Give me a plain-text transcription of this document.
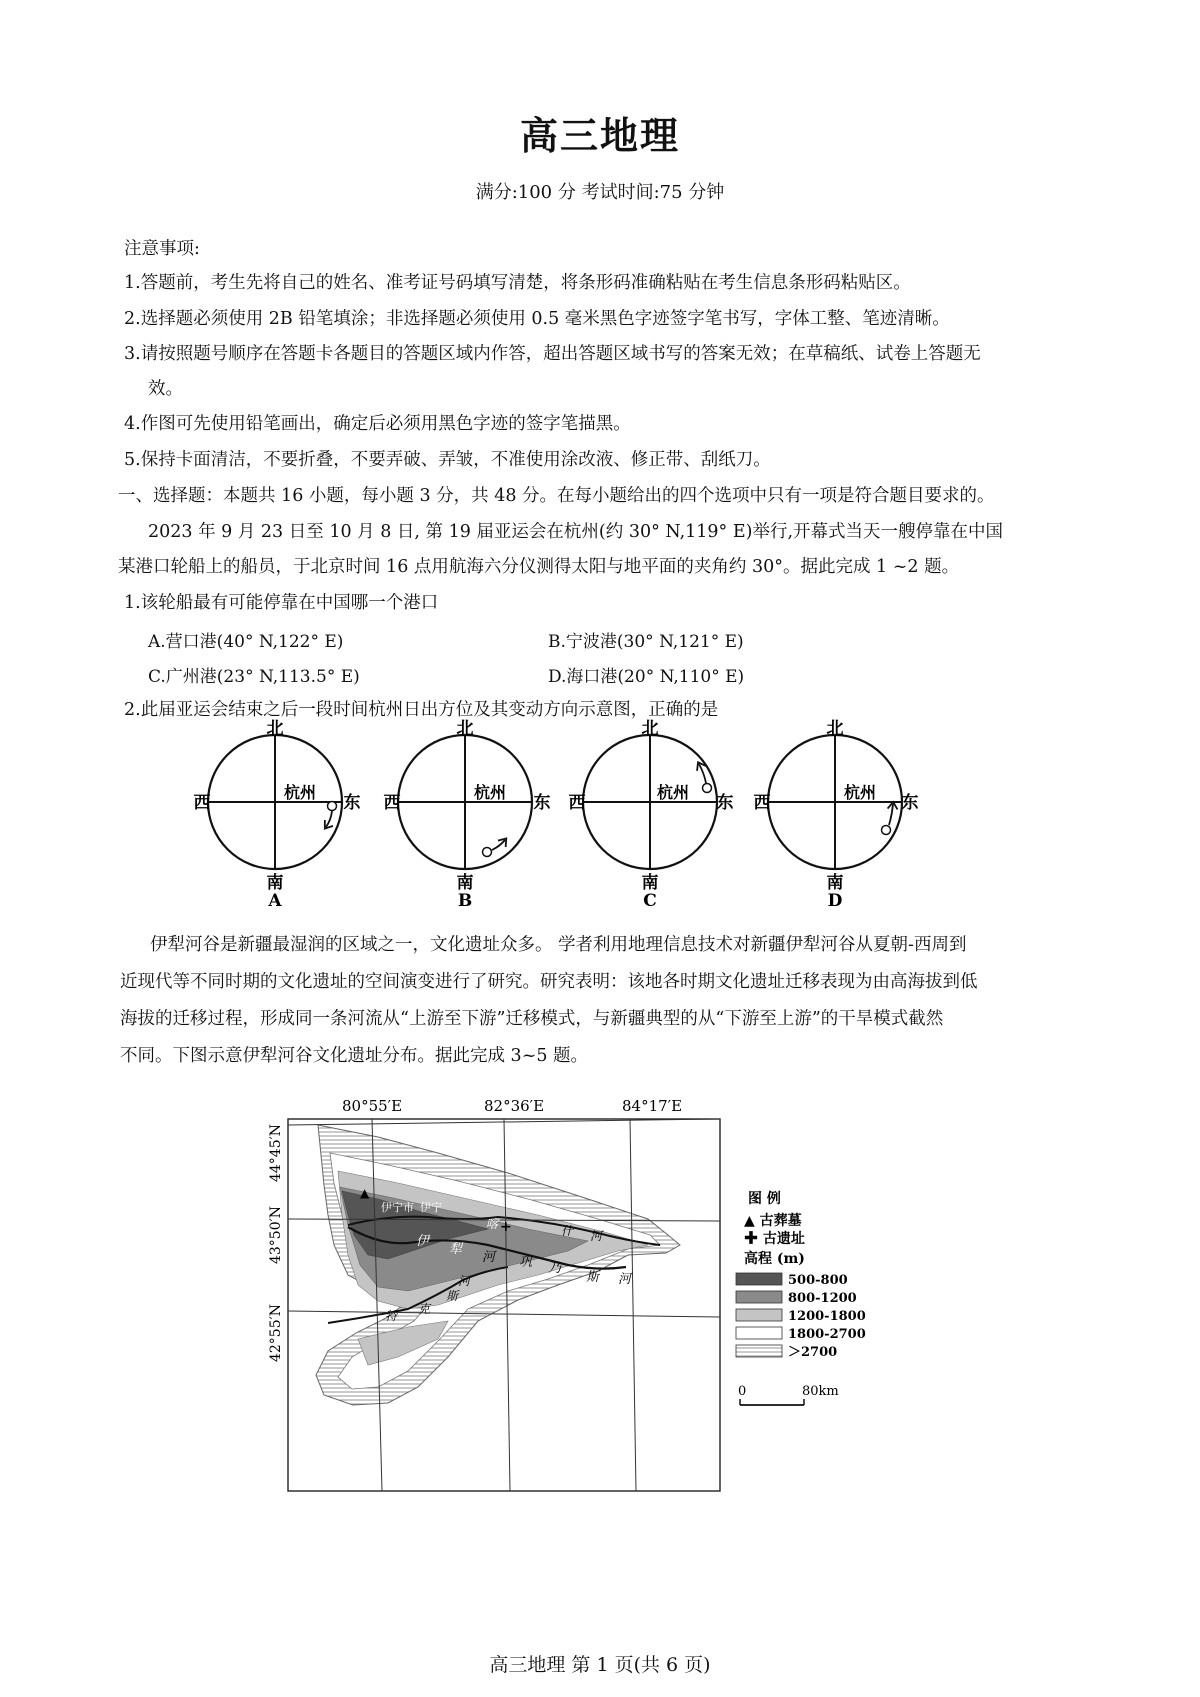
高三地理
满分:100 分 考试时间:75 分钟
注意事项:
1.答题前，考生先将自己的姓名、准考证号码填写清楚，将条形码准确粘贴在考生信息条形码粘贴区。
2.选择题必须使用 2B 铅笔填涂；非选择题必须使用 0.5 毫米黑色字迹签字笔书写，字体工整、笔迹清晰。
3.请按照题号顺序在答题卡各题目的答题区域内作答，超出答题区域书写的答案无效；在草稿纸、试卷上答题无
效。
4.作图可先使用铅笔画出，确定后必须用黑色字迹的签字笔描黑。
5.保持卡面清洁，不要折叠，不要弄破、弄皱，不准使用涂改液、修正带、刮纸刀。
一、选择题：本题共 16 小题，每小题 3 分，共 48 分。在每小题给出的四个选项中只有一项是符合题目要求的。
2023 年 9 月 23 日至 10 月 8 日, 第 19 届亚运会在杭州(约 30° N,119° E)举行,开幕式当天一艘停靠在中国
某港口轮船上的船员，于北京时间 16 点用航海六分仪测得太阳与地平面的夹角约 30°。据此完成 1 ~2 题。
1.该轮船最有可能停靠在中国哪一个港口
A.营口港(40° N,122° E)	B.宁波港(30° N,121° E)
C.广州港(23° N,113.5° E)	D.海口港(20° N,110° E)
2.此届亚运会结束之后一段时间杭州日出方位及其变动方向示意图，正确的是
北
南
西	东
杭州
A
北
南
西	东
杭州
B
北
南
西	东
杭州
C
北
南
西	东
杭州
D
伊犁河谷是新疆最湿润的区域之一，文化遗址众多。 学者利用地理信息技术对新疆伊犁河谷从夏朝-西周到
近现代等不同时期的文化遗址的空间演变进行了研究。研究表明：该地各时期文化遗址迁移表现为由高海拔到低
海拔的迁移过程，形成同一条河流从“上游至下游”迁移模式，与新疆典型的从“下游至上游”的干旱模式截然
不同。下图示意伊犁河谷文化遗址分布。据此完成 3~5 题。
80°55′E	82°36′E	84°17′E
44°45′N
43°50′N
42°55′N
▲
+
伊宁市 伊宁
喀	什 河
伊
犁
河 巩 乃
斯 河
斯
河
特 克
图 例
▲ 古葬墓
✚ 古遗址
高程 (m)
500-800
800-1200
1200-1800
1800-2700
＞2700
0	80km
高三地理 第 1 页(共 6 页)
